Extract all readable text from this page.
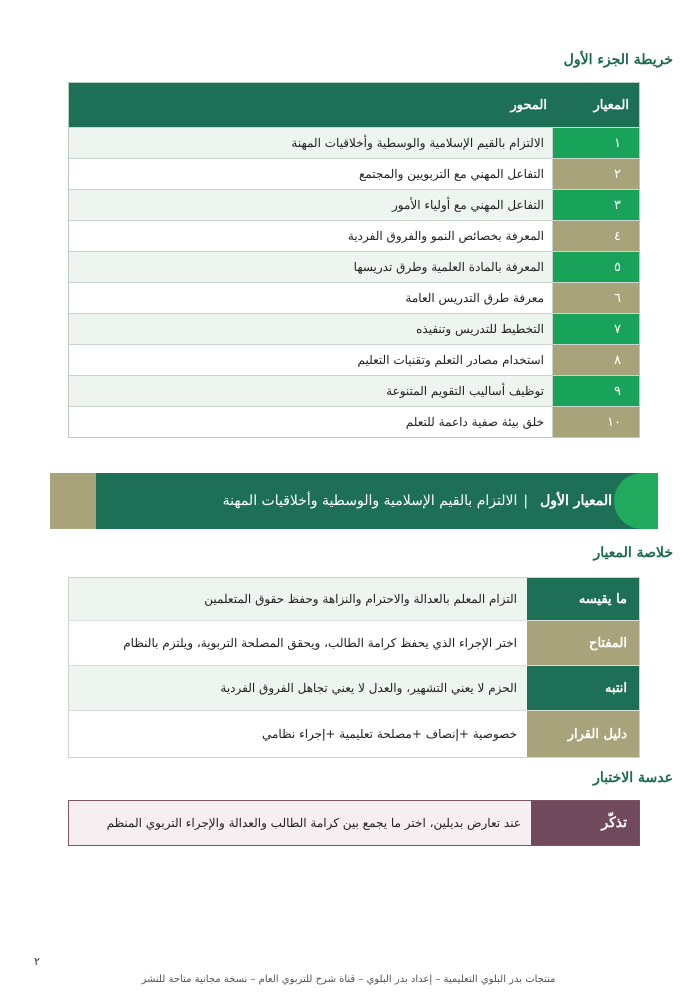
خريطة الجزء الأول
المعيار
المحور
١
الالتزام بالقيم الإسلامية والوسطية وأخلاقيات المهنة
٢
التفاعل المهني مع التربويين والمجتمع
٣
التفاعل المهني مع أولياء الأمور
٤
المعرفة بخصائص النمو والفروق الفردية
٥
المعرفة بالمادة العلمية وطرق تدريسها
٦
معرفة طرق التدريس العامة
٧
التخطيط للتدريس وتنفيذه
٨
استخدام مصادر التعلم وتقنيات التعليم
٩
توظيف أساليب التقويم المتنوعة
١٠
خلق بيئة صفية داعمة للتعلم
المعيار الأول
|
الالتزام بالقيم الإسلامية والوسطية وأخلاقيات المهنة
خلاصة المعيار
ما يقيسه
التزام المعلم بالعدالة والاحترام والنزاهة وحفظ حقوق المتعلمين
المفتاح
اختر الإجراء الذي يحفظ كرامة الطالب، ويحقق المصلحة التربوية، ويلتزم بالنظام
انتبه
الحزم لا يعني التشهير، والعدل لا يعني تجاهل الفروق الفردية
دليل القرار
خصوصية +إنصاف +مصلحة تعليمية +إجراء نظامي
عدسة الاختبار
تذكّر
عند تعارض بديلين، اختر ما يجمع بين كرامة الطالب والعدالة والإجراء التربوي المنظم
٢
منتجات بدر البلوي التعليمية – إعداد بدر البلوي – قناة شرح للتربوي العام – نسخة مجانية متاحة للنشر
